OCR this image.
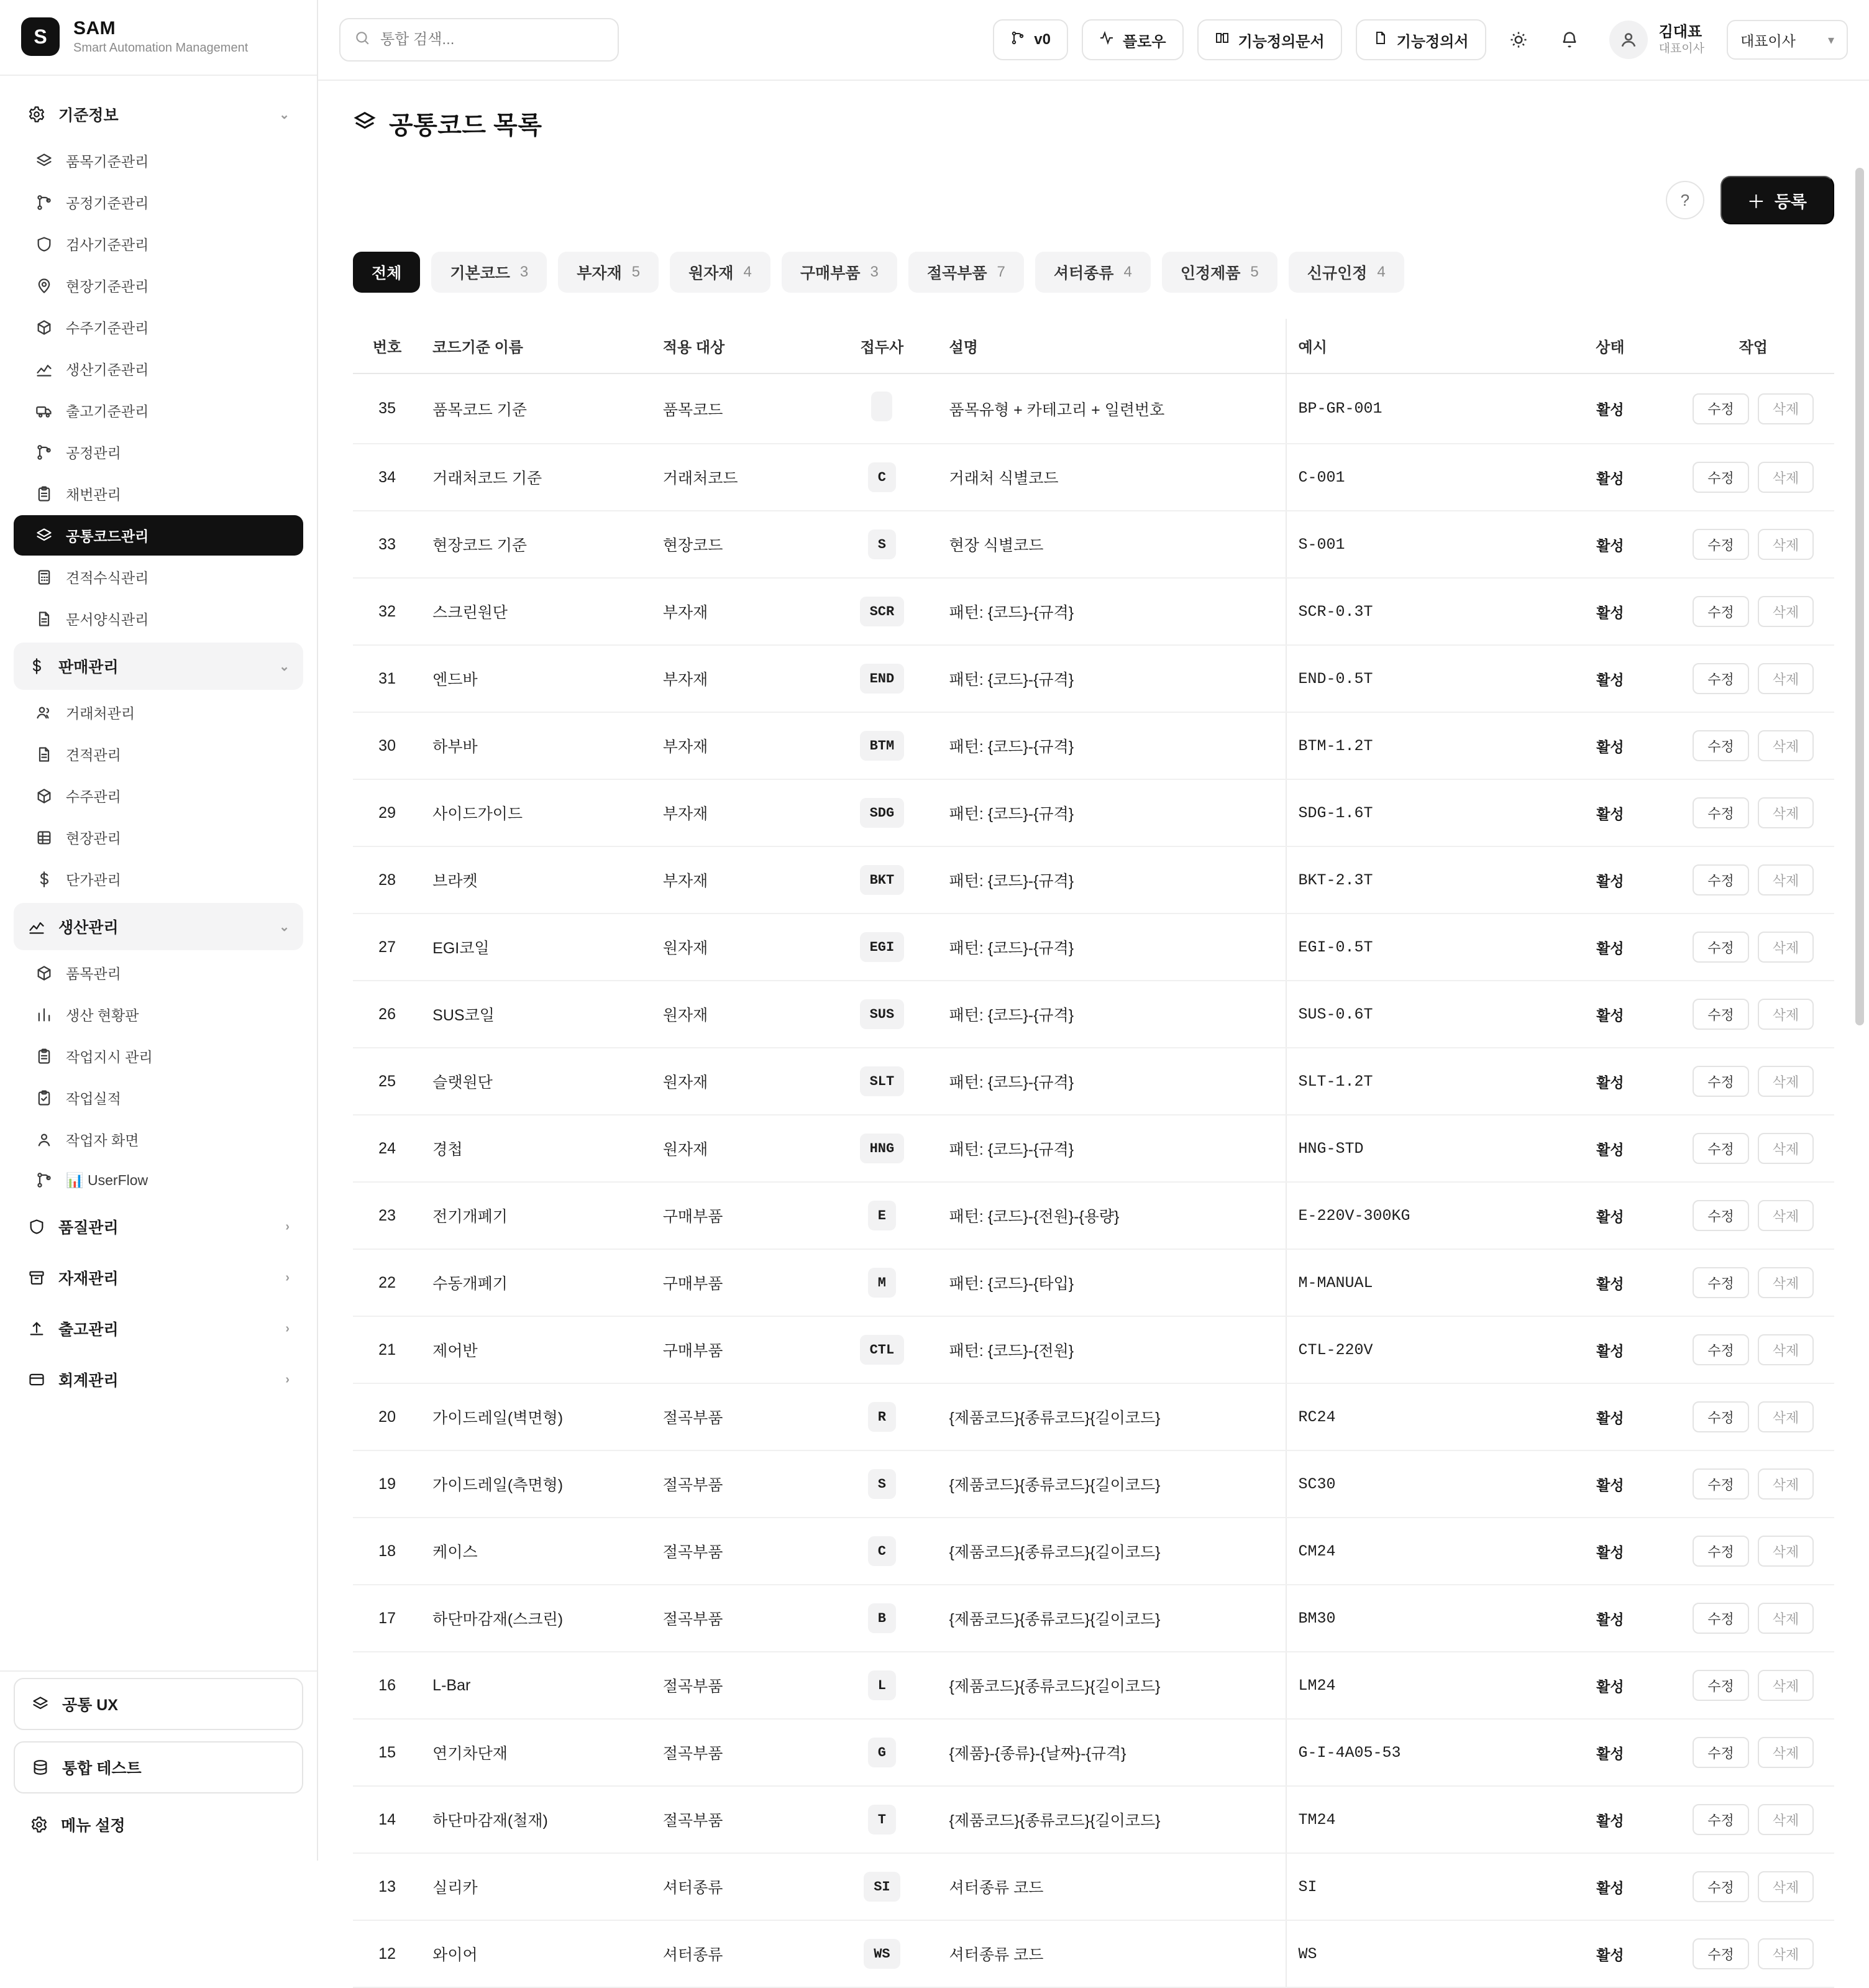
S	SAM
Smart Automation Management
기준정보	⌄
품목기준관리
공정기준관리
검사기준관리
현장기준관리
수주기준관리
생산기준관리
출고기준관리
공정관리
채번관리
공통코드관리
견적수식관리
문서양식관리
판매관리	⌄
거래처관리
견적관리
수주관리
현장관리
단가관리
생산관리	⌄
품목관리
생산 현황판
작업지시 관리
작업실적
작업자 화면
📊 UserFlow
품질관리	›
자재관리	›
출고관리	›
회계관리	›
공통 UX
통합 테스트
메뉴 설정
통합 검색...
v0	플로우	기능정의문서	기능정의서
김대표
대표이사
대표이사	▾
공통코드 목록
?	＋ 등록
전체	기본코드 3	부자재 5	원자재 4	구매부품 3	절곡부품 7	셔터종류 4	인정제품 5	신규인정 4
번호	코드기준 이름	적용 대상	접두사	설명	예시	상태	작업
35	품목코드 기준	품목코드		품목유형 + 카테고리 + 일련번호	BP-GR-001	활성	수정 삭제

34	거래처코드 기준	거래처코드	C	거래처 식별코드	C-001	활성	수정 삭제

33	현장코드 기준	현장코드	S	현장 식별코드	S-001	활성	수정 삭제

32	스크린원단	부자재	SCR	패턴: {코드}-{규격}	SCR-0.3T	활성	수정 삭제

31	엔드바	부자재	END	패턴: {코드}-{규격}	END-0.5T	활성	수정 삭제

30	하부바	부자재	BTM	패턴: {코드}-{규격}	BTM-1.2T	활성	수정 삭제

29	사이드가이드	부자재	SDG	패턴: {코드}-{규격}	SDG-1.6T	활성	수정 삭제

28	브라켓	부자재	BKT	패턴: {코드}-{규격}	BKT-2.3T	활성	수정 삭제

27	EGI코일	원자재	EGI	패턴: {코드}-{규격}	EGI-0.5T	활성	수정 삭제

26	SUS코일	원자재	SUS	패턴: {코드}-{규격}	SUS-0.6T	활성	수정 삭제

25	슬랫원단	원자재	SLT	패턴: {코드}-{규격}	SLT-1.2T	활성	수정 삭제

24	경첩	원자재	HNG	패턴: {코드}-{규격}	HNG-STD	활성	수정 삭제

23	전기개폐기	구매부품	E	패턴: {코드}-{전원}-{용량}	E-220V-300KG	활성	수정 삭제

22	수동개폐기	구매부품	M	패턴: {코드}-{타입}	M-MANUAL	활성	수정 삭제

21	제어반	구매부품	CTL	패턴: {코드}-{전원}	CTL-220V	활성	수정 삭제

20	가이드레일(벽면형)	절곡부품	R	{제품코드}{종류코드}{길이코드}	RC24	활성	수정 삭제

19	가이드레일(측면형)	절곡부품	S	{제품코드}{종류코드}{길이코드}	SC30	활성	수정 삭제

18	케이스	절곡부품	C	{제품코드}{종류코드}{길이코드}	CM24	활성	수정 삭제

17	하단마감재(스크린)	절곡부품	B	{제품코드}{종류코드}{길이코드}	BM30	활성	수정 삭제

16	L-Bar	절곡부품	L	{제품코드}{종류코드}{길이코드}	LM24	활성	수정 삭제

15	연기차단재	절곡부품	G	{제품}-{종류}-{날짜}-{규격}	G-I-4A05-53	활성	수정 삭제

14	하단마감재(철재)	절곡부품	T	{제품코드}{종류코드}{길이코드}	TM24	활성	수정 삭제

13	실리카	셔터종류	SI	셔터종류 코드	SI	활성	수정 삭제

12	와이어	셔터종류	WS	셔터종류 코드	WS	활성	수정 삭제
